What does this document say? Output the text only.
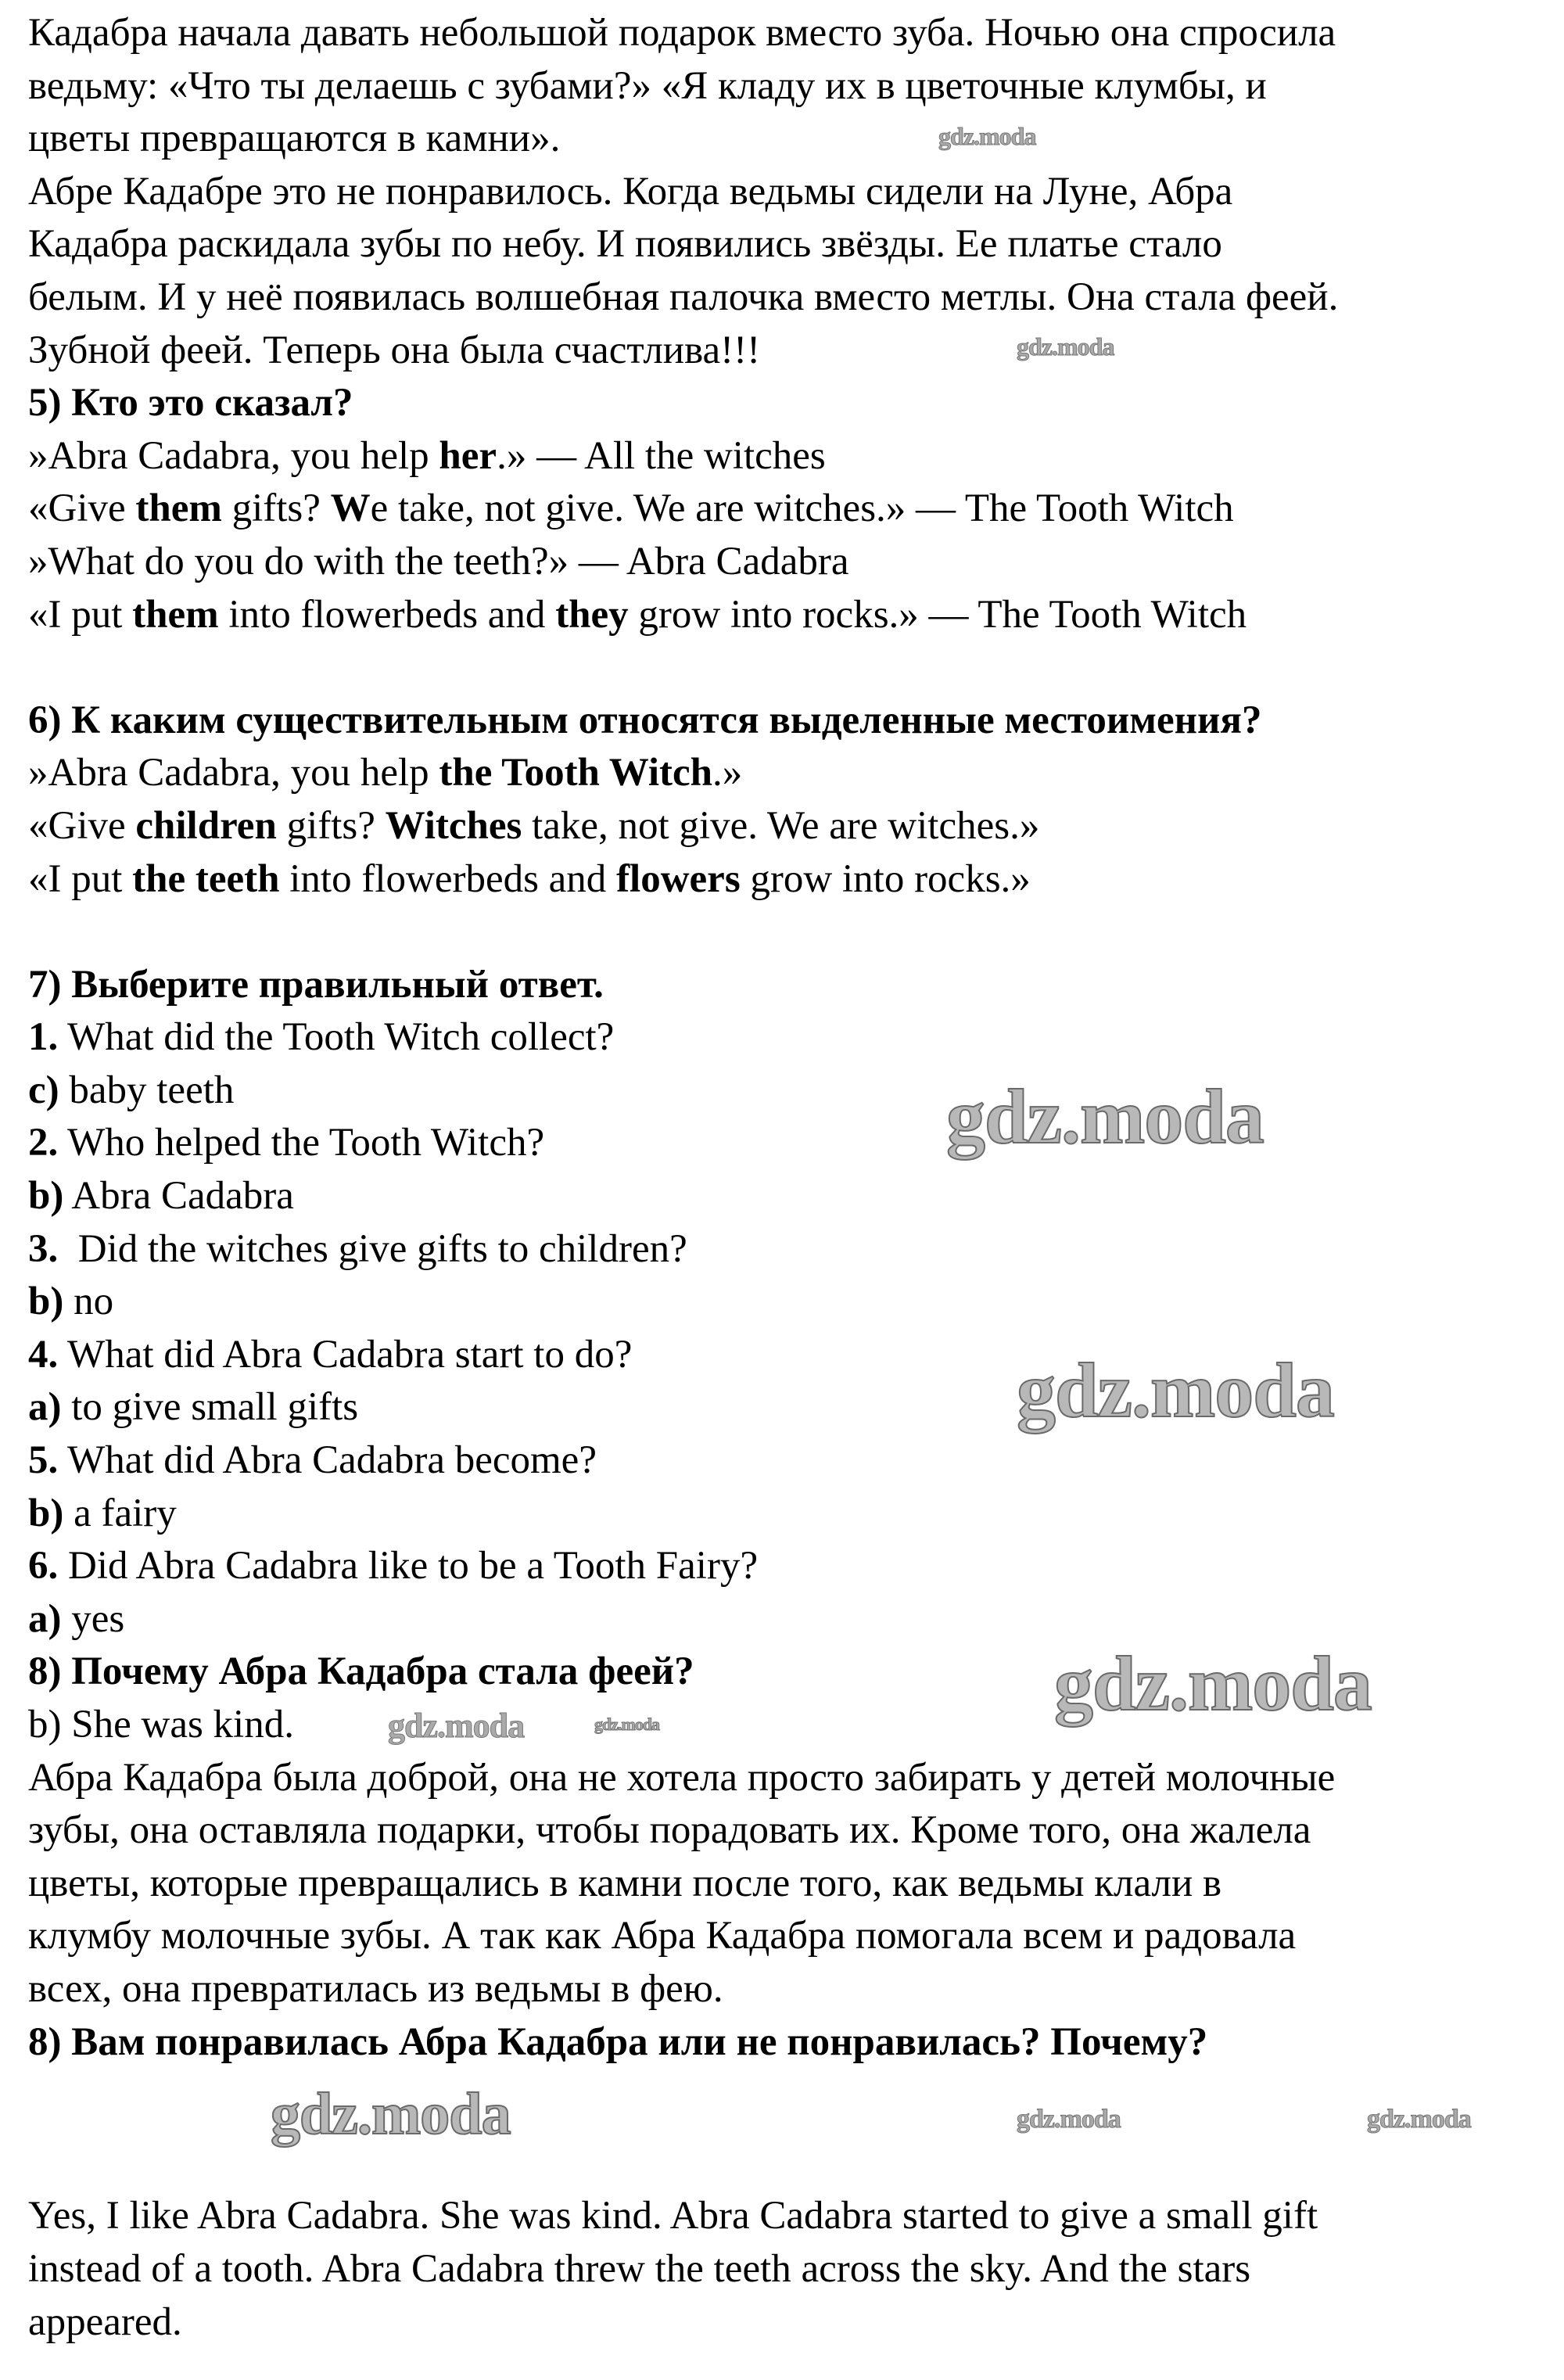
Кадабра начала давать небольшой подарок вместо зуба. Ночью она спросила
ведьму: «Что ты делаешь с зубами?» «Я кладу их в цветочные клумбы, и
цветы превращаются в камни».
Абре Кадабре это не понравилось. Когда ведьмы сидели на Луне, Абра
Кадабра раскидала зубы по небу. И появились звёзды. Ее платье стало
белым. И у неё появилась волшебная палочка вместо метлы. Она стала феей.
Зубной феей. Теперь она была счастлива!!!
5) Кто это сказал?
»Abra Cadabra, you help her.» — All the witches
«Give them gifts? We take, not give. We are witches.» — The Tooth Witch
»What do you do with the teeth?» — Abra Cadabra
«I put them into flowerbeds and they grow into rocks.» — The Tooth Witch
6) К каким существительным относятся выделенные местоимения?
»Abra Cadabra, you help the Tooth Witch.»
«Give children gifts? Witches take, not give. We are witches.»
«I put the teeth into flowerbeds and flowers grow into rocks.»
7) Выберите правильный ответ.
1. What did the Tooth Witch collect?
c) baby teeth
2. Who helped the Tooth Witch?
b) Abra Cadabra
3.  Did the witches give gifts to children?
b) no
4. What did Abra Cadabra start to do?
a) to give small gifts
5. What did Abra Cadabra become?
b) a fairy
6. Did Abra Cadabra like to be a Tooth Fairy?
a) yes
8) Почему Абра Кадабра стала феей?
b) She was kind.
Абра Кадабра была доброй, она не хотела просто забирать у детей молочные
зубы, она оставляла подарки, чтобы порадовать их. Кроме того, она жалела
цветы, которые превращались в камни после того, как ведьмы клали в
клумбу молочные зубы. А так как Абра Кадабра помогала всем и радовала
всех, она превратилась из ведьмы в фею.
8) Вам понравилась Абра Кадабра или не понравилась? Почему?
Yes, I like Abra Cadabra. She was kind. Abra Cadabra started to give a small gift
instead of a tooth. Abra Cadabra threw the teeth across the sky. And the stars
appeared.
gdz.moda
gdz.moda
gdz.moda
gdz.moda
gdz.moda
gdz.moda
gdz.moda
gdz.moda	gdz.moda	gdz.moda
